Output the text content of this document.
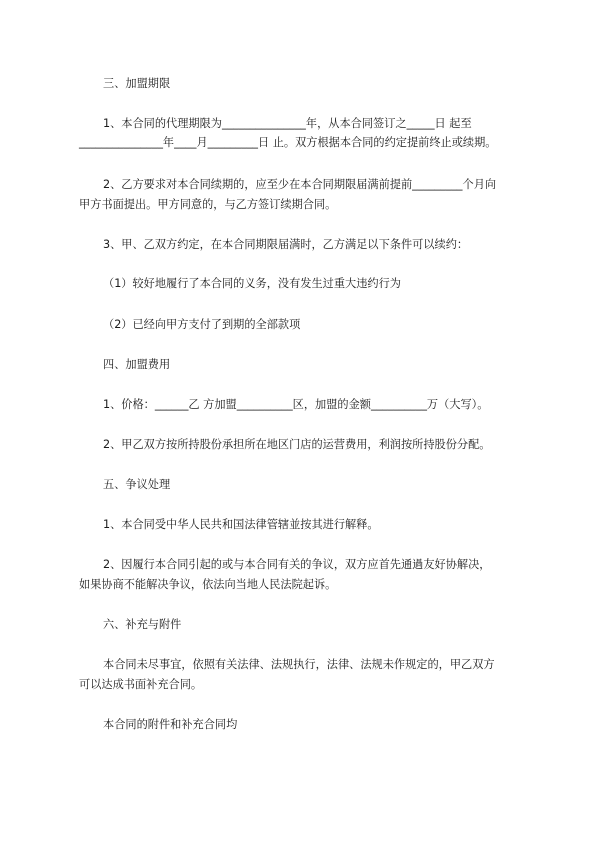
三、加盟期限
1、本合同的代理期限为_______________年，从本合同签订之_____日 起至
_______________年____月_________日 止。双方根据本合同的约定提前终止或续期。
2、乙方要求对本合同续期的，应至少在本合同期限届满前提前_________个月向
甲方书面提出。甲方同意的，与乙方签订续期合同。
3、甲、乙双方约定，在本合同期限届满时，乙方满足以下条件可以续约：
（1）较好地履行了本合同的义务，没有发生过重大违约行为
（2）已经向甲方支付了到期的全部款项
四、加盟费用
1、价格：______乙 方加盟__________区，加盟的金额__________万（大写）。
2、甲乙双方按所持股份承担所在地区门店的运营费用，利润按所持股份分配。
五、争议处理
1、本合同受中华人民共和国法律管辖並按其进行解释。
2、因履行本合同引起的或与本合同有关的争议，双方应首先通過友好协解决，
如果协商不能解决争议，依法向当地人民法院起诉。
六、补充与附件
本合同未尽事宜，依照有关法律、法规执行，法律、法规未作规定的，甲乙双方
可以达成书面补充合同。
本合同的附件和补充合同均
